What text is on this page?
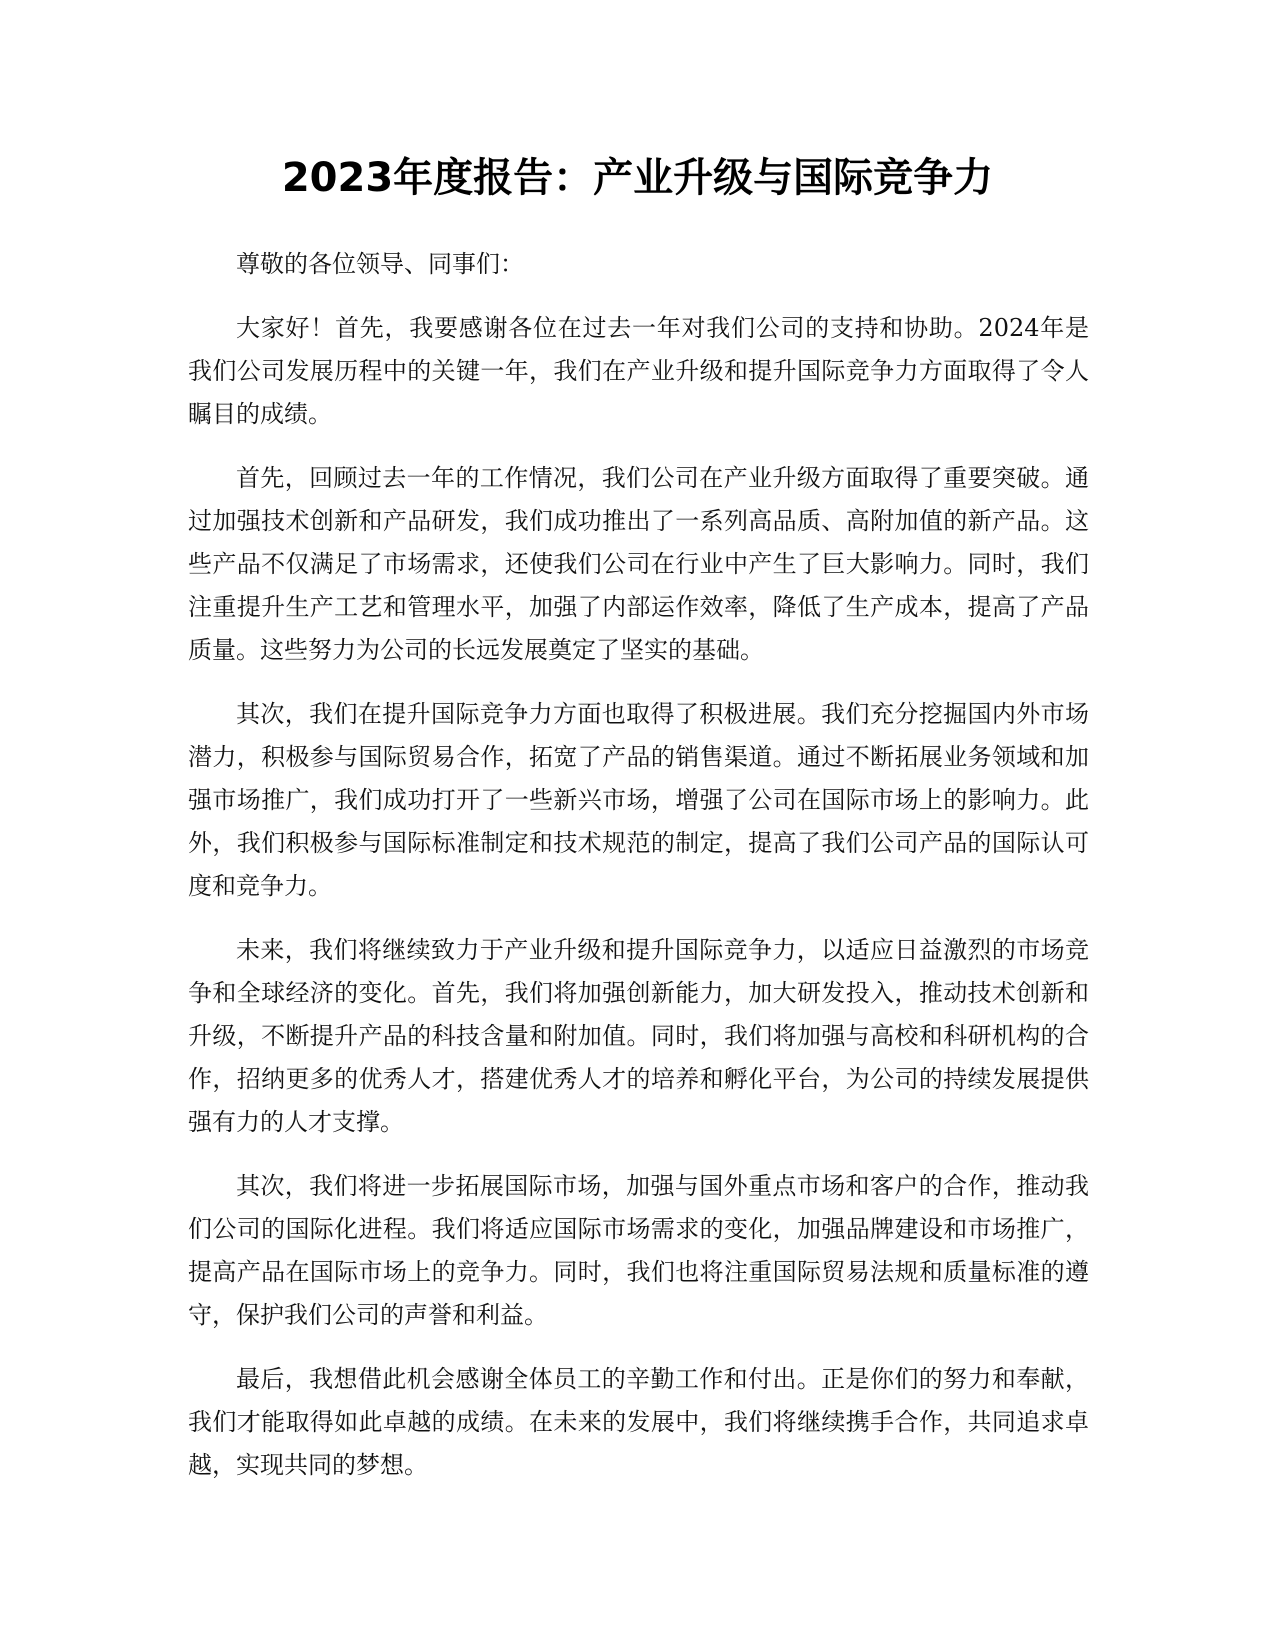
2023年度报告：产业升级与国际竞争力

尊敬的各位领导、同事们：

大家好！首先，我要感谢各位在过去一年对我们公司的支持和协助。2024年是我们公司发展历程中的关键一年，我们在产业升级和提升国际竞争力方面取得了令人瞩目的成绩。

首先，回顾过去一年的工作情况，我们公司在产业升级方面取得了重要突破。通过加强技术创新和产品研发，我们成功推出了一系列高品质、高附加值的新产品。这些产品不仅满足了市场需求，还使我们公司在行业中产生了巨大影响力。同时，我们注重提升生产工艺和管理水平，加强了内部运作效率，降低了生产成本，提高了产品质量。这些努力为公司的长远发展奠定了坚实的基础。

其次，我们在提升国际竞争力方面也取得了积极进展。我们充分挖掘国内外市场潜力，积极参与国际贸易合作，拓宽了产品的销售渠道。通过不断拓展业务领域和加强市场推广，我们成功打开了一些新兴市场，增强了公司在国际市场上的影响力。此外，我们积极参与国际标准制定和技术规范的制定，提高了我们公司产品的国际认可度和竞争力。

未来，我们将继续致力于产业升级和提升国际竞争力，以适应日益激烈的市场竞争和全球经济的变化。首先，我们将加强创新能力，加大研发投入，推动技术创新和升级，不断提升产品的科技含量和附加值。同时，我们将加强与高校和科研机构的合作，招纳更多的优秀人才，搭建优秀人才的培养和孵化平台，为公司的持续发展提供强有力的人才支撑。

其次，我们将进一步拓展国际市场，加强与国外重点市场和客户的合作，推动我们公司的国际化进程。我们将适应国际市场需求的变化，加强品牌建设和市场推广，提高产品在国际市场上的竞争力。同时，我们也将注重国际贸易法规和质量标准的遵守，保护我们公司的声誉和利益。

最后，我想借此机会感谢全体员工的辛勤工作和付出。正是你们的努力和奉献，我们才能取得如此卓越的成绩。在未来的发展中，我们将继续携手合作，共同追求卓越，实现共同的梦想。
